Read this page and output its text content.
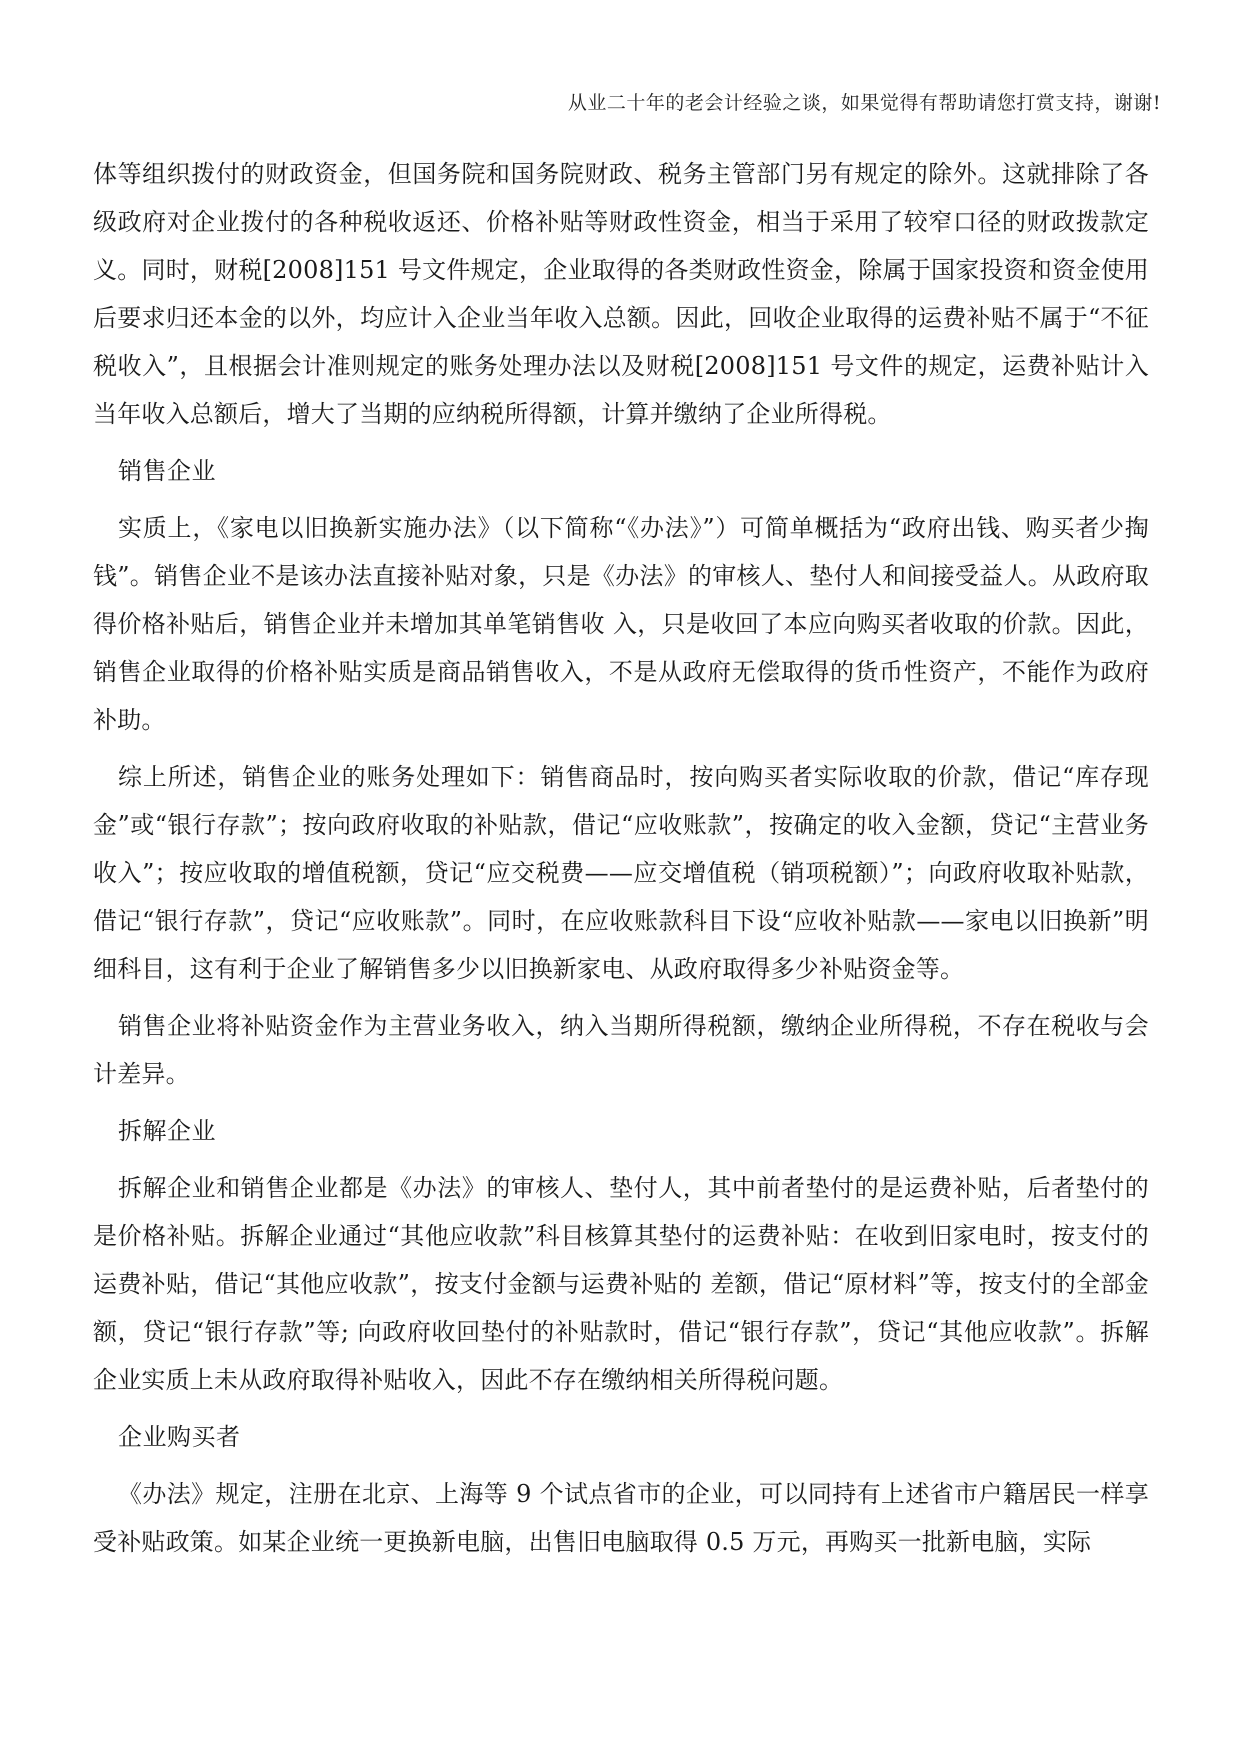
从业二十年的老会计经验之谈，如果觉得有帮助请您打赏支持，谢谢!

体等组织拨付的财政资金，但国务院和国务院财政、税务主管部门另有规定的除外。这就排除了各级政府对企业拨付的各种税收返还、价格补贴等财政性资金，相当于采用了较窄口径的财政拨款定义。同时，财税[2008]151 号文件规定，企业取得的各类财政性资金，除属于国家投资和资金使用后要求归还本金的以外，均应计入企业当年收入总额。因此，回收企业取得的运费补贴不属于“不征税收入”，且根据会计准则规定的账务处理办法以及财税[2008]151 号文件的规定，运费补贴计入当年收入总额后，增大了当期的应纳税所得额，计算并缴纳了企业所得税。

销售企业

实质上，《家电以旧换新实施办法》（以下简称“《办法》”）可简单概括为“政府出钱、购买者少掏钱”。销售企业不是该办法直接补贴对象，只是《办法》的审核人、垫付人和间接受益人。从政府取得价格补贴后，销售企业并未增加其单笔销售收 入，只是收回了本应向购买者收取的价款。因此，销售企业取得的价格补贴实质是商品销售收入，不是从政府无偿取得的货币性资产，不能作为政府补助。

综上所述，销售企业的账务处理如下：销售商品时，按向购买者实际收取的价款，借记“库存现金”或“银行存款”；按向政府收取的补贴款，借记“应收账款”，按确定的收入金额，贷记“主营业务收入”；按应收取的增值税额，贷记“应交税费——应交增值税（销项税额）”；向政府收取补贴款，借记“银行存款”，贷记“应收账款”。同时，在应收账款科目下设“应收补贴款——家电以旧换新”明细科目，这有利于企业了解销售多少以旧换新家电、从政府取得多少补贴资金等。

销售企业将补贴资金作为主营业务收入，纳入当期所得税额，缴纳企业所得税，不存在税收与会计差异。

拆解企业

拆解企业和销售企业都是《办法》的审核人、垫付人，其中前者垫付的是运费补贴，后者垫付的是价格补贴。拆解企业通过“其他应收款”科目核算其垫付的运费补贴：在收到旧家电时，按支付的运费补贴，借记“其他应收款”，按支付金额与运费补贴的 差额，借记“原材料”等，按支付的全部金额，贷记“银行存款”等; 向政府收回垫付的补贴款时，借记“银行存款”，贷记“其他应收款”。拆解企业实质上未从政府取得补贴收入，因此不存在缴纳相关所得税问题。

企业购买者

《办法》规定，注册在北京、上海等 9 个试点省市的企业，可以同持有上述省市户籍居民一样享受补贴政策。如某企业统一更换新电脑，出售旧电脑取得 0.5 万元，再购买一批新电脑，实际
